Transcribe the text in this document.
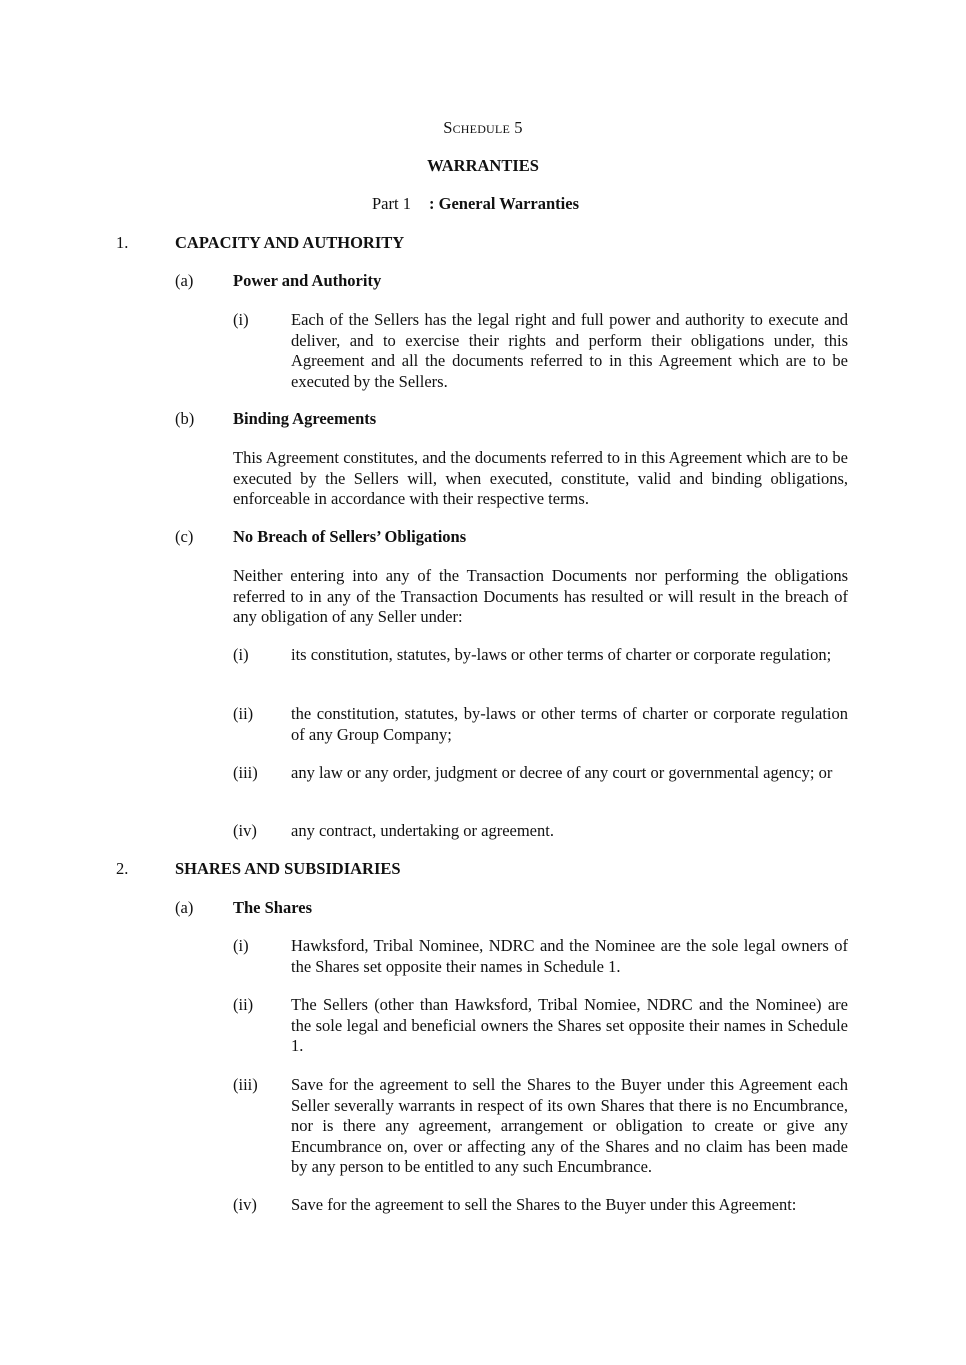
Schedule 5
WARRANTIES
Part 1 : General Warranties
1.	CAPACITY AND AUTHORITY
(a) Power and Authority
(i)	Each of the Sellers has the legal right and full power and authority to execute and deliver, and to exercise their rights and perform their obligations under, this Agreement and all the documents referred to in this Agreement which are to be executed by the Sellers.
(b) Binding Agreements
This Agreement constitutes, and the documents referred to in this Agreement which are to be executed by the Sellers will, when executed, constitute, valid and binding obligations, enforceable in accordance with their respective terms.
(c) No Breach of Sellers’ Obligations
Neither entering into any of the Transaction Documents nor performing the obligations referred to in any of the Transaction Documents has resulted or will result in the breach of any obligation of any Seller under:
(i)	its constitution, statutes, by-laws or other terms of charter or corporate regulation;
(ii) the constitution, statutes, by-laws or other terms of charter or corporate regulation of any Group Company;
(iii) any law or any order, judgment or decree of any court or governmental agency; or
(iv) any contract, undertaking or agreement.
2.	SHARES AND SUBSIDIARIES
(a) The Shares
(i)	Hawksford, Tribal Nominee, NDRC and the Nominee are the sole legal owners of the Shares set opposite their names in Schedule 1.
(ii) The Sellers (other than Hawksford, Tribal Nomiee, NDRC and the Nominee) are the sole legal and beneficial owners the Shares set opposite their names in Schedule 1.
(iii) Save for the agreement to sell the Shares to the Buyer under this Agreement each Seller severally warrants in respect of its own Shares that there is no Encumbrance, nor is there any agreement, arrangement or obligation to create or give any Encumbrance on, over or affecting any of the Shares and no claim has been made by any person to be entitled to any such Encumbrance.
(iv) Save for the agreement to sell the Shares to the Buyer under this Agreement:
